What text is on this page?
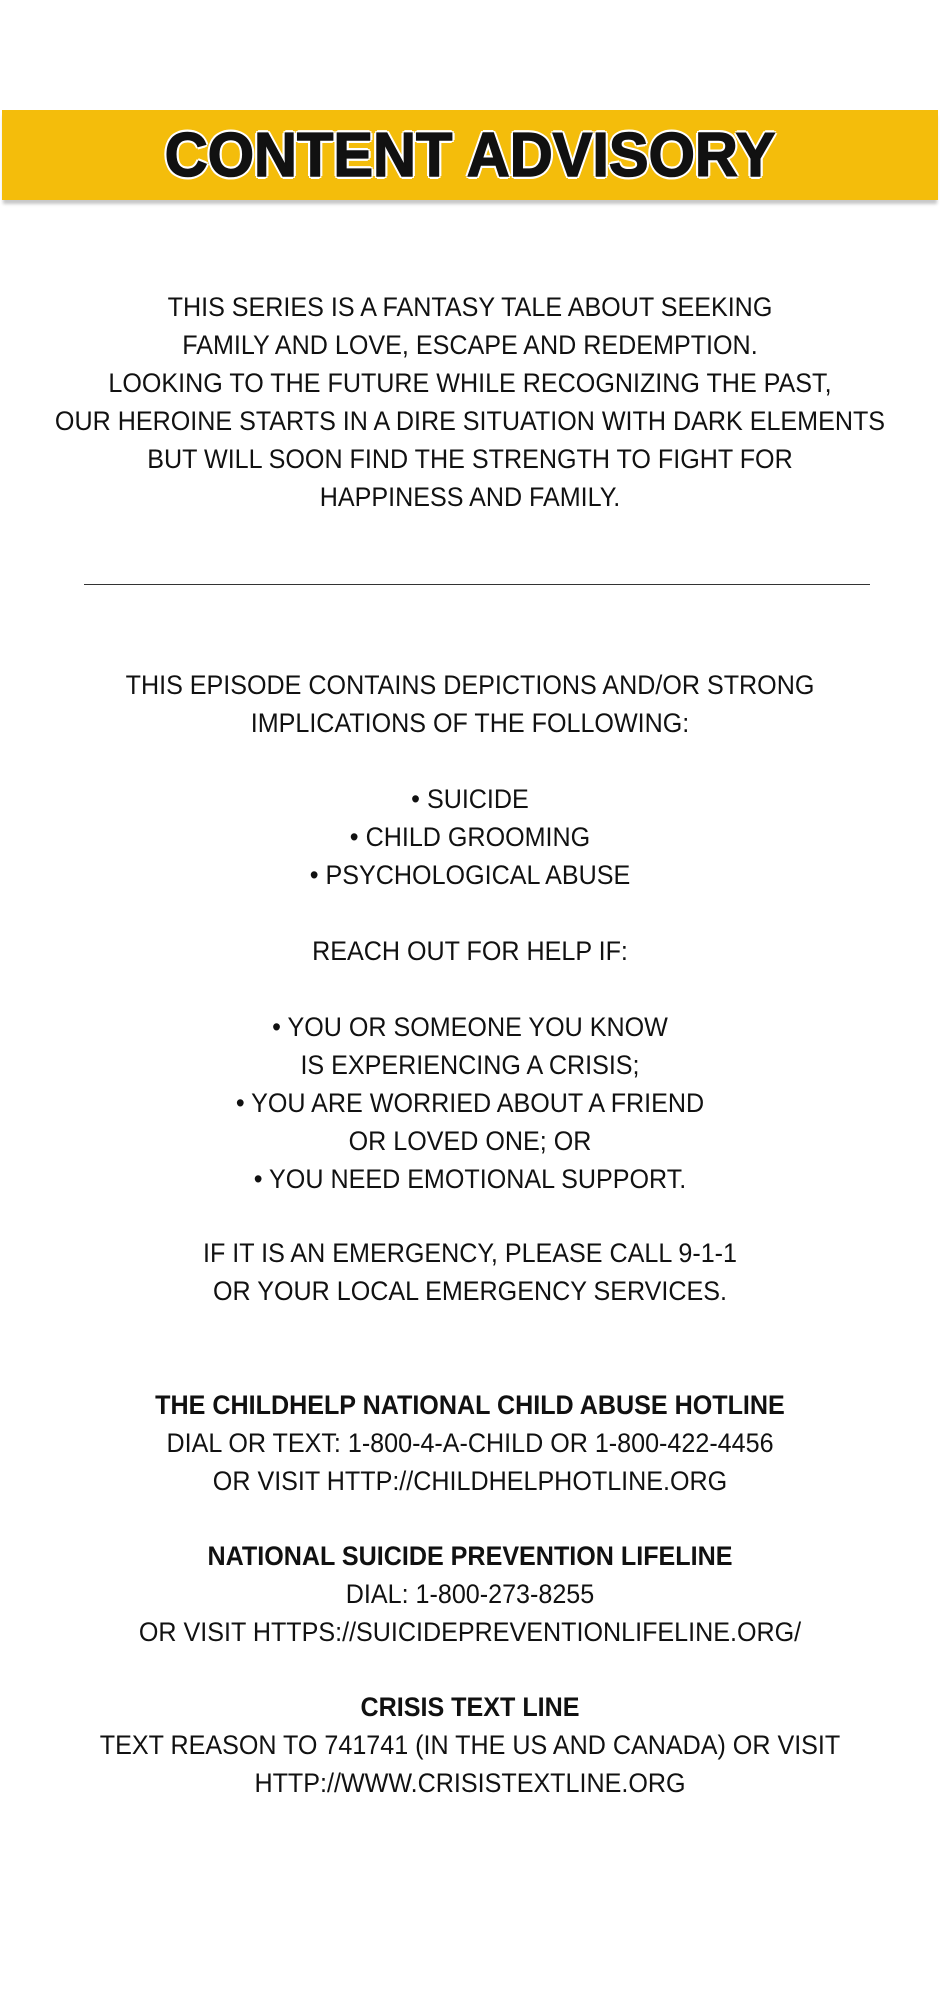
CONTENT ADVISORY
THIS SERIES IS A FANTASY TALE ABOUT SEEKING
FAMILY AND LOVE, ESCAPE AND REDEMPTION.
LOOKING TO THE FUTURE WHILE RECOGNIZING THE PAST,
OUR HEROINE STARTS IN A DIRE SITUATION WITH DARK ELEMENTS
BUT WILL SOON FIND THE STRENGTH TO FIGHT FOR
HAPPINESS AND FAMILY.
THIS EPISODE CONTAINS DEPICTIONS AND/OR STRONG
IMPLICATIONS OF THE FOLLOWING:
• SUICIDE
• CHILD GROOMING
• PSYCHOLOGICAL ABUSE
REACH OUT FOR HELP IF:
• YOU OR SOMEONE YOU KNOW
IS EXPERIENCING A CRISIS;
• YOU ARE WORRIED ABOUT A FRIEND
OR LOVED ONE; OR
• YOU NEED EMOTIONAL SUPPORT.
IF IT IS AN EMERGENCY, PLEASE CALL 9-1-1
OR YOUR LOCAL EMERGENCY SERVICES.
THE CHILDHELP NATIONAL CHILD ABUSE HOTLINE
DIAL OR TEXT: 1-800-4-A-CHILD OR 1-800-422-4456
OR VISIT HTTP://CHILDHELPHOTLINE.ORG
NATIONAL SUICIDE PREVENTION LIFELINE
DIAL: 1-800-273-8255
OR VISIT HTTPS://SUICIDEPREVENTIONLIFELINE.ORG/
CRISIS TEXT LINE
TEXT REASON TO 741741 (IN THE US AND CANADA) OR VISIT
HTTP://WWW.CRISISTEXTLINE.ORG
